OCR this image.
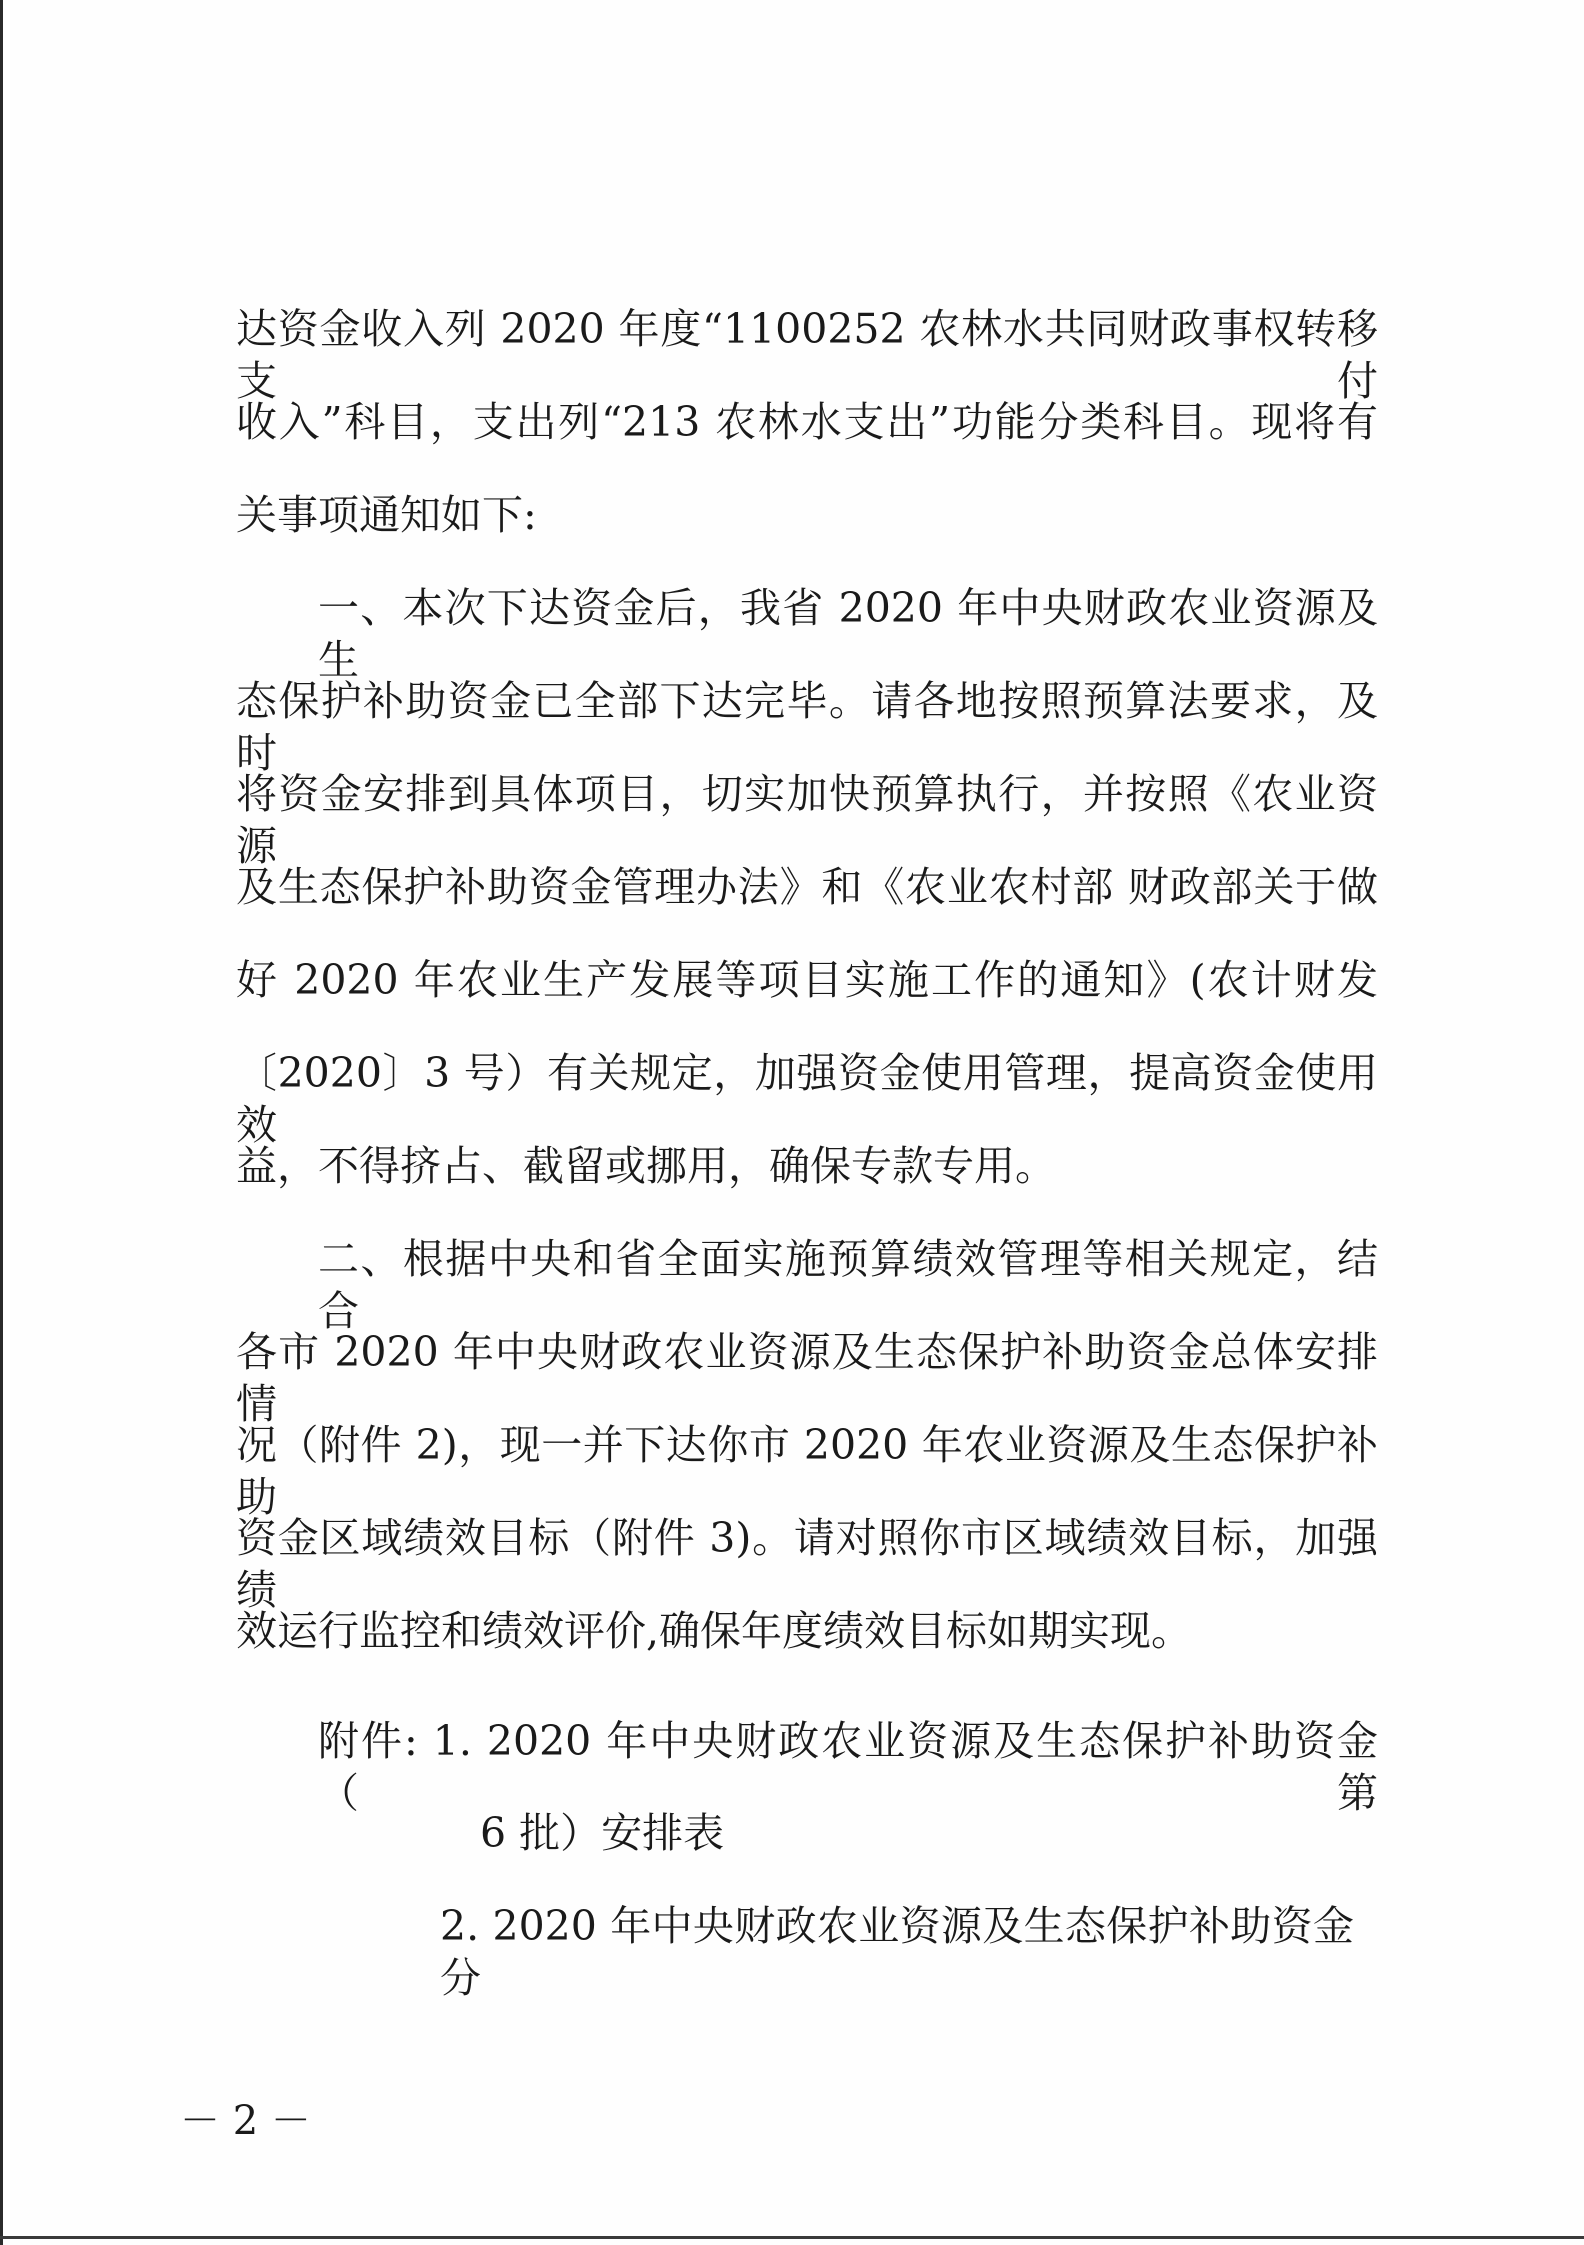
达资金收入列 2020 年度“1100252 农林水共同财政事权转移支付
收入”科目，支出列“213 农林水支出”功能分类科目。现将有
关事项通知如下:
一、本次下达资金后，我省 2020 年中央财政农业资源及生
态保护补助资金已全部下达完毕。请各地按照预算法要求，及时
将资金安排到具体项目，切实加快预算执行，并按照《农业资源
及生态保护补助资金管理办法》和《农业农村部 财政部关于做
好 2020 年农业生产发展等项目实施工作的通知》(农计财发
〔2020〕3 号）有关规定，加强资金使用管理，提高资金使用效
益，不得挤占、截留或挪用，确保专款专用。
二、根据中央和省全面实施预算绩效管理等相关规定，结合
各市 2020 年中央财政农业资源及生态保护补助资金总体安排情
况（附件 2)，现一并下达你市 2020 年农业资源及生态保护补助
资金区域绩效目标（附件 3)。请对照你市区域绩效目标，加强绩
效运行监控和绩效评价,确保年度绩效目标如期实现。
附件: 1. 2020 年中央财政农业资源及生态保护补助资金（第
6 批）安排表
2. 2020 年中央财政农业资源及生态保护补助资金分
－ 2 －
